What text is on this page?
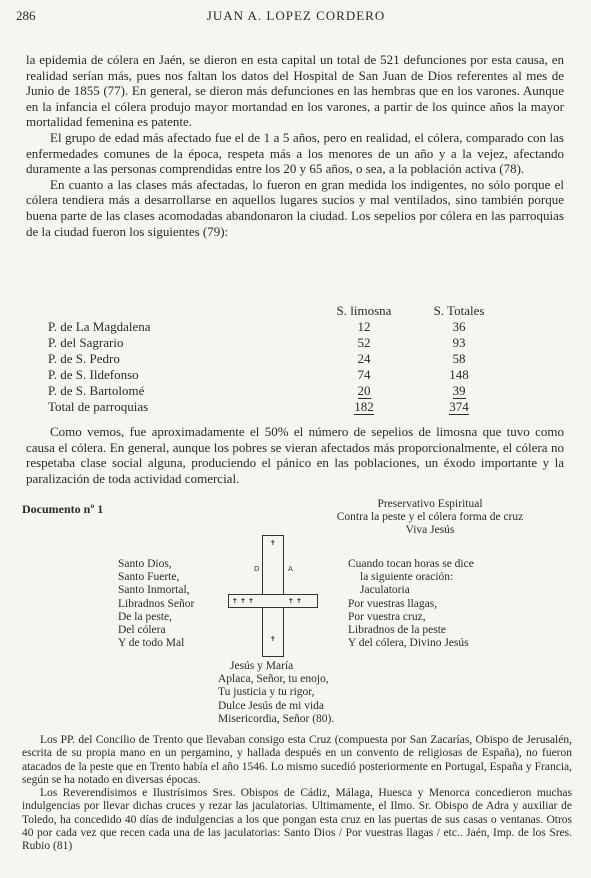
286	JUAN A. LOPEZ CORDERO

la epidemia de cólera en Jaén, se dieron en esta capital un total de 521 defunciones por esta causa, en realidad serían más, pues nos faltan los datos del Hospital de San Juan de Dios referentes al mes de Junio de 1855 (77). En general, se dieron más defunciones en las hembras que en los varones. Aunque en la infancia el cólera produjo mayor mortandad en los varones, a partir de los quince años la mayor mortalidad femenina es patente.

El grupo de edad más afectado fue el de 1 a 5 años, pero en realidad, el cólera, comparado con las enfermedades comunes de la época, respeta más a los menores de un año y a la vejez, afectando duramente a las personas comprendidas entre los 20 y 65 años, o sea, a la población activa (78).

En cuanto a las clases más afectadas, lo fueron en gran medida los indigentes, no sólo porque el cólera tendiera más a desarrollarse en aquellos lugares sucios y mal ventilados, sino también porque buena parte de las clases acomodadas abandonaron la ciudad. Los sepelios por cólera en las parroquias de la ciudad fueron los siguientes (79):

	S. limosna	S. Totales
P. de La Magdalena	12	36
P. del Sagrario	52	93
P. de S. Pedro	24	58
P. de S. Ildefonso	74	148
P. de S. Bartolomé	20	39
Total de parroquias	182	374

Como vemos, fue aproximadamente el 50% el número de sepelios de limosna que tuvo como causa el cólera. En general, aunque los pobres se vieran afectados más proporcionalmente, el cólera no respetaba clase social alguna, produciendo el pánico en las poblaciones, un éxodo importante y la paralización de toda actividad comercial.

Documento nº 1	Preservativo Espiritual
Contra la peste y el cólera forma de cruz
Viva Jesús
Santo Dios,
Santo Fuerte,
Santo Inmortal,
Libradnos Señor
De la peste,
Del cólera
Y de todo Mal
✝
D	A
✝ ✝ ✝	✝ ✝
✝
Cuando tocan horas se dice
la siguiente oración:
Jaculatoria
Por vuestras llagas,
Por vuestra cruz,
Libradnos de la peste
Y del cólera, Divino Jesús
Jesús y María
Aplaca, Señor, tu enojo,
Tu justicia y tu rigor,
Dulce Jesús de mi vida
Misericordia, Señor (80).

Los PP. del Concilio de Trento que llevaban consigo esta Cruz (compuesta por San Zacarías, Obispo de Jerusalén, escrita de su propia mano en un pergamino, y hallada después en un convento de religiosas de España), no fueron atacados de la peste que en Trento había el año 1546. Lo mismo sucedió posteriormente en Portugal, España y Francia, según se ha notado en diversas épocas.

Los Reverendísimos e Ilustrísimos Sres. Obispos de Cádiz, Málaga, Huesca y Menorca concedieron muchas indulgencias por llevar dichas cruces y rezar las jaculatorias. Ultimamente, el Ilmo. Sr. Obispo de Adra y auxiliar de Toledo, ha concedido 40 días de indulgencias a los que pongan esta cruz en las puertas de sus casas o ventanas. Otros 40 por cada vez que recen cada una de las jaculatorias: Santo Dios / Por vuestras llagas / etc.. Jaén, Imp. de los Sres. Rubio (81)
